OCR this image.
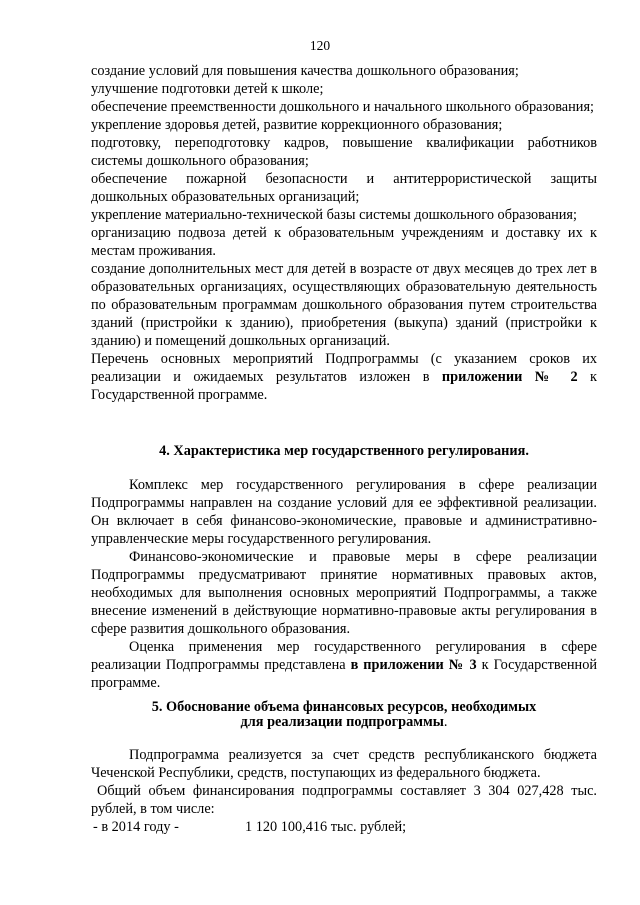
120
создание условий для повышения качества дошкольного образования;
улучшение подготовки детей к школе;
обеспечение преемственности дошкольного и начального школьного образования;
укрепление здоровья детей, развитие коррекционного образования;
подготовку, переподготовку кадров, повышение квалификации работников системы дошкольного образования;
обеспечение пожарной безопасности и антитеррористической защиты дошкольных образовательных организаций;
укрепление материально-технической базы системы дошкольного образования;
организацию подвоза детей к образовательным учреждениям и доставку их к местам проживания.
создание дополнительных мест для детей в возрасте от двух месяцев до трех лет в образовательных организациях, осуществляющих образовательную деятельность по образовательным программам дошкольного образования путем строительства зданий (пристройки к зданию), приобретения (выкупа) зданий (пристройки к зданию) и помещений дошкольных организаций.
Перечень основных мероприятий Подпрограммы (с указанием сроков их реализации и ожидаемых результатов изложен в приложении № 2 к Государственной программе.
4. Характеристика мер государственного регулирования.
Комплекс мер государственного регулирования в сфере реализации Подпрограммы направлен на создание условий для ее эффективной реализации. Он включает в себя финансово-экономические, правовые и административно-управленческие меры государственного регулирования.
Финансово-экономические и правовые меры в сфере реализации Подпрограммы предусматривают принятие нормативных правовых актов, необходимых для выполнения основных мероприятий Подпрограммы, а также внесение изменений в действующие нормативно-правовые акты регулирования в сфере развития дошкольного образования.
Оценка применения мер государственного регулирования в сфере реализации Подпрограммы представлена в приложении № 3 к Государственной программе.
5. Обоснование объема финансовых ресурсов, необходимых
для реализации подпрограммы.
Подпрограмма реализуется за счет средств республиканского бюджета Чеченской Республики, средств, поступающих из федерального бюджета.
Общий объем финансирования подпрограммы составляет 3 304 027,428 тыс. рублей, в том числе:
- в 2014 году -	1 120 100,416 тыс. рублей;
